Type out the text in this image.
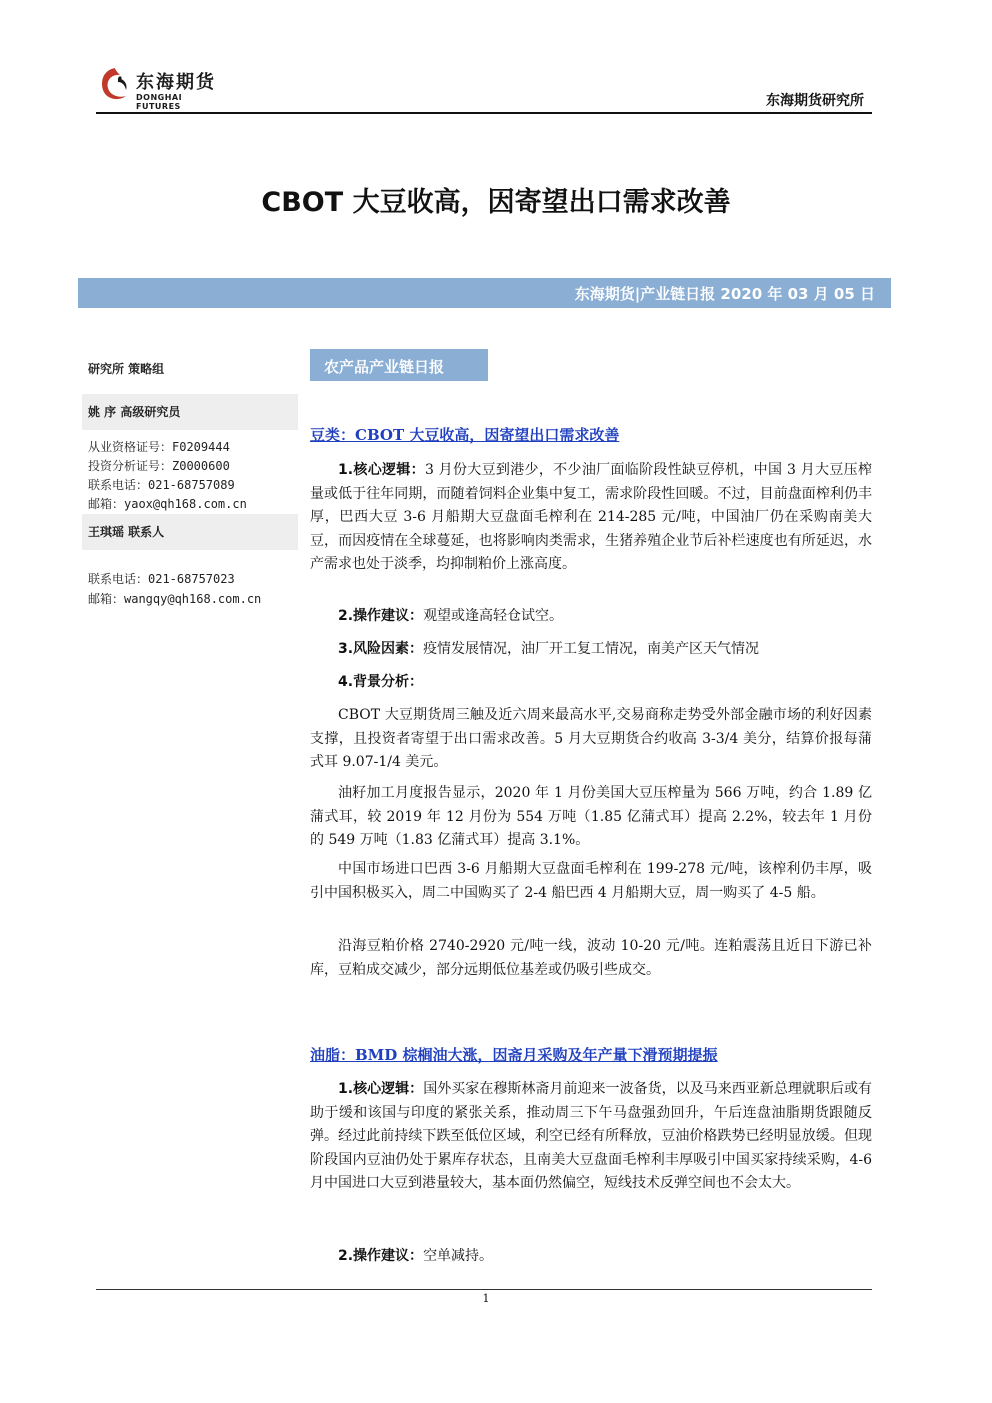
东海期货
DONGHAI FUTURES	东海期货研究所
CBOT 大豆收高，因寄望出口需求改善
东海期货|产业链日报 2020 年 03 月 05 日
研究所 策略组
姚 序 高级研究员
从业资格证号：F0209444
投资分析证号：Z0000600
联系电话：021-68757089
邮箱：yaox@qh168.com.cn
王琪瑶 联系人
联系电话：021-68757023
邮箱：wangqy@qh168.com.cn
农产品产业链日报
豆类：CBOT 大豆收高，因寄望出口需求改善

1.核心逻辑：3 月份大豆到港少，不少油厂面临阶段性缺豆停机，中国 3 月大豆压榨量或低于往年同期，而随着饲料企业集中复工，需求阶段性回暖。不过，目前盘面榨利仍丰厚，巴西大豆 3-6 月船期大豆盘面毛榨利在 214-285 元/吨，中国油厂仍在采购南美大豆，而因疫情在全球蔓延，也将影响肉类需求，生猪养殖企业节后补栏速度也有所延迟，水产需求也处于淡季，均抑制粕价上涨高度。

2.操作建议：观望或逢高轻仓试空。

3.风险因素：疫情发展情况，油厂开工复工情况，南美产区天气情况

4.背景分析：

CBOT 大豆期货周三触及近六周来最高水平,交易商称走势受外部金融市场的利好因素支撑，且投资者寄望于出口需求改善。5 月大豆期货合约收高 3-3/4 美分，结算价报每蒲式耳 9.07-1/4 美元。

油籽加工月度报告显示，2020 年 1 月份美国大豆压榨量为 566 万吨，约合 1.89 亿蒲式耳，较 2019 年 12 月份为 554 万吨（1.85 亿蒲式耳）提高 2.2%，较去年 1 月份的 549 万吨（1.83 亿蒲式耳）提高 3.1%。

中国市场进口巴西 3-6 月船期大豆盘面毛榨利在 199-278 元/吨，该榨利仍丰厚，吸引中国积极买入，周二中国购买了 2-4 船巴西 4 月船期大豆，周一购买了 4-5 船。

沿海豆粕价格 2740-2920 元/吨一线，波动 10-20 元/吨。连粕震荡且近日下游已补库，豆粕成交减少，部分远期低位基差或仍吸引些成交。

油脂：BMD 棕榈油大涨，因斋月采购及年产量下滑预期提振

1.核心逻辑：国外买家在穆斯林斋月前迎来一波备货，以及马来西亚新总理就职后或有助于缓和该国与印度的紧张关系，推动周三下午马盘强劲回升，午后连盘油脂期货跟随反弹。经过此前持续下跌至低位区域，利空已经有所释放，豆油价格跌势已经明显放缓。但现阶段国内豆油仍处于累库存状态，且南美大豆盘面毛榨利丰厚吸引中国买家持续采购，4-6 月中国进口大豆到港量较大，基本面仍然偏空，短线技术反弹空间也不会太大。

2.操作建议：空单减持。

1
